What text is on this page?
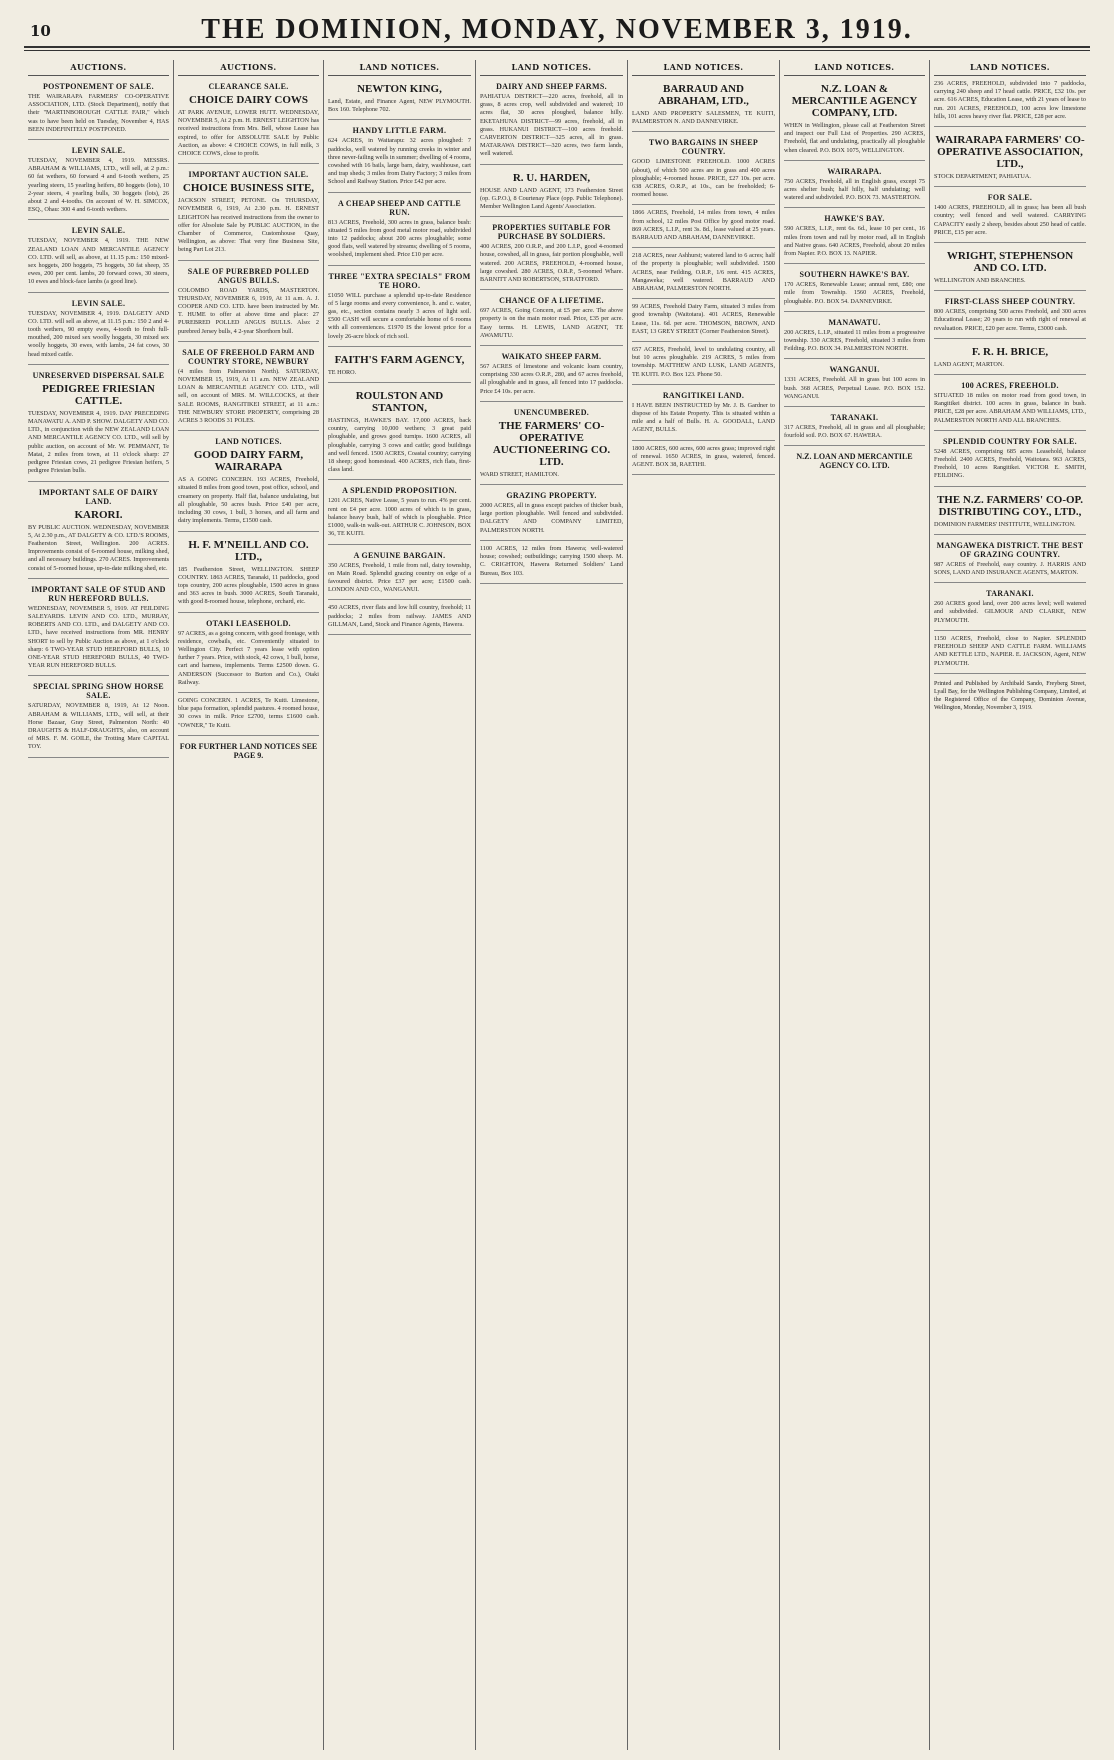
10	THE DOMINION, MONDAY, NOVEMBER 3, 1919.
AUCTIONS.
POSTPONEMENT OF SALE.

THE WAIRARAPA FARMERS' CO-OPERATIVE ASSOCIATION, LTD. (Stock Department), notify that their "MARTINBOROUGH CATTLE FAIR," which was to have been held on Tuesday, November 4, HAS BEEN INDEFINITELY POSTPONED.

LEVIN SALE.

TUESDAY, NOVEMBER 4, 1919. MESSRS. ABRAHAM & WILLIAMS, LTD., will sell, at 2 p.m.: 60 fat wethers, 60 forward 4 and 6-tooth wethers, 25 yearling steers, 15 yearling heifers, 80 hoggets (lots), 10 2-year steers, 4 yearling bulls, 30 hoggets (lots), 26 about 2 and 4-tooths. On account of W. H. SIMCOX, ESQ., Ohau: 300 4 and 6-tooth wethers.

LEVIN SALE.

TUESDAY, NOVEMBER 4, 1919. THE NEW ZEALAND LOAN AND MERCANTILE AGENCY CO. LTD. will sell, as above, at 11.15 p.m.: 150 mixed-sex hoggets, 200 hoggets, 75 hoggets, 30 fat sheep, 35 ewes, 200 per cent. lambs, 20 forward cows, 30 steers, 10 ewes and block-face lambs (a good line).

LEVIN SALE.

TUESDAY, NOVEMBER 4, 1919. DALGETY AND CO. LTD. will sell as above, at 11.15 p.m.: 150 2 and 4-tooth wethers, 90 empty ewes, 4-tooth to fresh full-mouthed, 200 mixed sex woolly hoggets, 30 mixed sex woolly hoggets, 30 ewes, with lambs, 24 fat cows, 30 head mixed cattle.

UNRESERVED DISPERSAL SALE
PEDIGREE FRIESIAN CATTLE.

TUESDAY, NOVEMBER 4, 1919. DAY PRECEDING MANAWATU A. AND P. SHOW. DALGETY AND CO. LTD., in conjunction with the NEW ZEALAND LOAN AND MERCANTILE AGENCY CO. LTD., will sell by public auction, on account of Mr. W. PEMMANT, Te Matai, 2 miles from town, at 11 o'clock sharp: 27 pedigree Friesian cows, 21 pedigree Friesian heifers, 5 pedigree Friesian bulls.

IMPORTANT SALE OF DAIRY LAND.
KARORI.

BY PUBLIC AUCTION. WEDNESDAY, NOVEMBER 5, At 2.30 p.m., AT DALGETY & CO. LTD.'S ROOMS, Featherston Street, Wellington. 200 ACRES. Improvements consist of 6-roomed house, milking shed, and all necessary buildings. 270 ACRES. Improvements consist of 5-roomed house, up-to-date milking shed, etc.

IMPORTANT SALE OF STUD AND RUN HEREFORD BULLS.

WEDNESDAY, NOVEMBER 5, 1919. AT FEILDING SALEYARDS. LEVIN AND CO. LTD., MURRAY, ROBERTS AND CO. LTD., and DALGETY AND CO. LTD., have received instructions from MR. HENRY SHORT to sell by Public Auction as above, at 1 o'clock sharp: 6 TWO-YEAR STUD HEREFORD BULLS, 10 ONE-YEAR STUD HEREFORD BULLS, 40 TWO-YEAR RUN HEREFORD BULLS.

SPECIAL SPRING SHOW HORSE SALE.

SATURDAY, NOVEMBER 8, 1919, At 12 Noon. ABRAHAM & WILLIAMS, LTD., will sell, at their Horse Bazaar, Gray Street, Palmerston North: 40 DRAUGHTS & HALF-DRAUGHTS, also, on account of MRS. F. M. GOILE, the Trotting Mare CAPITAL TOY.

AUCTIONS.
CLEARANCE SALE.
CHOICE DAIRY COWS

AT PARK AVENUE, LOWER HUTT. WEDNESDAY, NOVEMBER 5, At 2 p.m. H. ERNEST LEIGHTON has received instructions from Mrs. Bell, whose Lease has expired, to offer for ABSOLUTE SALE by Public Auction, as above: 4 CHOICE COWS, in full milk, 3 CHOICE COWS, close to profit.

IMPORTANT AUCTION SALE.
CHOICE BUSINESS SITE,

JACKSON STREET, PETONE. On THURSDAY, NOVEMBER 6, 1919, At 2.30 p.m. H. ERNEST LEIGHTON has received instructions from the owner to offer for Absolute Sale by PUBLIC AUCTION, in the Chamber of Commerce, Customhouse Quay, Wellington, as above: That very fine Business Site, being Part Lot 213.

SALE OF PUREBRED POLLED ANGUS BULLS.

COLOMBO ROAD YARDS, MASTERTON. THURSDAY, NOVEMBER 6, 1919, At 11 a.m. A. J. COOPER AND CO. LTD. have been instructed by Mr. T. HUME to offer at above time and place: 27 PUREBRED POLLED ANGUS BULLS. Also: 2 purebred Jersey bulls, 4 2-year Shorthorn bull.

SALE OF FREEHOLD FARM AND COUNTRY STORE, NEWBURY

(4 miles from Palmerston North). SATURDAY, NOVEMBER 15, 1919, At 11 a.m. NEW ZEALAND LOAN & MERCANTILE AGENCY CO. LTD., will sell, on account of MRS. M. WILLCOCKS, at their SALE ROOMS, RANGITIKEI STREET, at 11 a.m.: THE NEWBURY STORE PROPERTY, comprising 28 ACRES 3 ROODS 31 POLES.

LAND NOTICES.
GOOD DAIRY FARM, WAIRARAPA

AS A GOING CONCERN. 193 ACRES, Freehold, situated 8 miles from good town, post office, school, and creamery on property. Half flat, balance undulating, but all ploughable, 50 acres bush. Price £40 per acre, including 30 cows, 1 bull, 3 horses, and all farm and dairy implements. Terms, £1500 cash.

H. F. M'NEILL AND CO. LTD.,

185 Featherston Street, WELLINGTON. SHEEP COUNTRY. 1863 ACRES, Taranaki, 11 paddocks, good tops country, 200 acres ploughable, 1500 acres in grass and 363 acres in bush. 3000 ACRES, South Taranaki, with good 8-roomed house, telephone, orchard, etc.

OTAKI LEASEHOLD.

97 ACRES, as a going concern, with good frontage, with residence, cowbails, etc. Conveniently situated to Wellington City. Perfect 7 years lease with option further 7 years. Price, with stock, 42 cows, 1 bull, horse, cart and harness, implements. Terms £2500 down. G. ANDERSON (Successor to Burton and Co.), Otaki Railway.

GOING CONCERN. 1 ACRES, Te Kuiti. Limestone, blue papa formation, splendid pastures. 4 roomed house, 30 cows in milk. Price £2700, terms £1600 cash. "OWNER," Te Kuiti.

FOR FURTHER LAND NOTICES SEE PAGE 9.
LAND NOTICES.
NEWTON KING,

Land, Estate, and Finance Agent, NEW PLYMOUTH. Box 160. Telephone 702.

HANDY LITTLE FARM.

624 ACRES, in Waitarapu: 32 acres ploughed: 7 paddocks, well watered by running creeks in winter and three never-failing wells in summer; dwelling of 4 rooms, cowshed with 16 bails, large barn, dairy, washhouse, cart and trap sheds; 3 miles from Dairy Factory; 3 miles from School and Railway Station. Price £42 per acre.

A CHEAP SHEEP AND CATTLE RUN.

813 ACRES, Freehold, 300 acres in grass, balance bush: situated 5 miles from good metal motor road, subdivided into 12 paddocks; about 200 acres ploughable; some good flats, well watered by streams; dwelling of 5 rooms, woolshed, implement shed. Price £10 per acre.

THREE "EXTRA SPECIALS" FROM TE HORO.

£1050 WILL purchase a splendid up-to-date Residence of 5 large rooms and every convenience, h. and c. water, gas, etc., section contains nearly 3 acres of light soil. £500 CASH will secure a comfortable home of 6 rooms with all conveniences. £1970 IS the lowest price for a lovely 26-acre block of rich soil.

FAITH'S FARM AGENCY,

TE HORO.

ROULSTON AND STANTON,

HASTINGS, HAWKE'S BAY. 17,000 ACRES, back country, carrying 10,000 wethers; 3 great paid ploughable, and grows good turnips. 1600 ACRES, all ploughable, carrying 3 cows and cattle; good buildings and well fenced. 1500 ACRES, Coastal country; carrying 18 sheep; good homestead. 400 ACRES, rich flats, first-class land.

A SPLENDID PROPOSITION.

1201 ACRES, Native Lease, 5 years to run. 4% per cent. rent on £4 per acre. 1000 acres of which is in grass, balance heavy bush, half of which is ploughable. Price £1000, walk-in walk-out. ARTHUR C. JOHNSON, BOX 36, TE KUITI.

A GENUINE BARGAIN.

350 ACRES, Freehold, 1 mile from rail, dairy township, on Main Road. Splendid grazing country on edge of a favoured district. Price £37 per acre; £1500 cash. LONDON AND CO., WANGANUI.

450 ACRES, river flats and low hill country, freehold; 11 paddocks; 2 miles from railway. JAMES AND GILLMAN, Land, Stock and Finance Agents, Hawera.

LAND NOTICES.
DAIRY AND SHEEP FARMS.

PAHIATUA DISTRICT—220 acres, freehold, all in grass, 8 acres crop, well subdivided and watered; 10 acres flat, 30 acres ploughed, balance hilly. EKETAHUNA DISTRICT—99 acres, freehold, all in grass. HUKANUI DISTRICT—100 acres freehold. CARVERTON DISTRICT—325 acres, all in grass. MATARAWA DISTRICT—320 acres, two farm lands, well watered.

R. U. HARDEN,

HOUSE AND LAND AGENT, 173 Featherston Street (op. G.P.O.), 8 Courtenay Place (opp. Public Telephone). Member Wellington Land Agents' Association.

PROPERTIES SUITABLE FOR PURCHASE BY SOLDIERS.

400 ACRES, 200 O.R.P., and 200 L.I.P., good 4-roomed house, cowshed, all in grass, fair portion ploughable, well watered. 200 ACRES, FREEHOLD, 4-roomed house, large cowshed. 280 ACRES, O.R.P., 5-roomed Whare. BARNITT AND ROBERTSON, STRATFORD.

CHANCE OF A LIFETIME.

697 ACRES, Going Concern, at £5 per acre. The above property is on the main motor road. Price, £35 per acre. Easy terms. H. LEWIS, LAND AGENT, TE AWAMUTU.

WAIKATO SHEEP FARM.

567 ACRES of limestone and volcanic loam country, comprising 330 acres O.R.P., 280, and 67 acres freehold, all ploughable and in grass, all fenced into 17 paddocks. Price £4 10s. per acre.

UNENCUMBERED.
THE FARMERS' CO-OPERATIVE AUCTIONEERING CO. LTD.

WARD STREET, HAMILTON.

GRAZING PROPERTY.

2000 ACRES, all in grass except patches of thicker bush, large portion ploughable. Well fenced and subdivided. DALGETY AND COMPANY LIMITED, PALMERSTON NORTH.

1100 ACRES, 12 miles from Hawera; well-watered house; cowshed; outbuildings; carrying 1500 sheep. M. C. CRIGHTON, Hawera Returned Soldiers' Land Bureau, Box 103.

LAND NOTICES.
BARRAUD AND ABRAHAM, LTD.,

LAND AND PROPERTY SALESMEN, TE KUITI, PALMERSTON N. AND DANNEVIRKE.

TWO BARGAINS IN SHEEP COUNTRY.

GOOD LIMESTONE FREEHOLD. 1000 ACRES (about), of which 500 acres are in grass and 400 acres ploughable; 4-roomed house. PRICE, £27 10s. per acre. 638 ACRES, O.R.P., at 10s., can be freeholded; 6-roomed house.

1866 ACRES, Freehold, 14 miles from town, 4 miles from school, 12 miles Post Office by good motor road. 869 ACRES, L.I.P., rent 3s. 8d., lease valued at 25 years. BARRAUD AND ABRAHAM, DANNEVIRKE.

218 ACRES, near Ashhurst; watered land to 6 acres; half of the property is ploughable; well subdivided. 1500 ACRES, near Feilding, O.R.P., 1/6 rent. 415 ACRES, Mangaweka; well watered. BARRAUD AND ABRAHAM, PALMERSTON NORTH.

99 ACRES, Freehold Dairy Farm, situated 3 miles from good township (Waitotara). 401 ACRES, Renewable Lease, 11s. 6d. per acre. THOMSON, BROWN, AND EAST, 13 GREY STREET (Corner Featherston Street).

657 ACRES, Freehold, level to undulating country, all but 10 acres ploughable. 219 ACRES, 5 miles from township. MATTHEW AND LUSK, LAND AGENTS, TE KUITI. P.O. Box 123. Phone 50.

RANGITIKEI LAND.

I HAVE BEEN INSTRUCTED by Mr. J. B. Gardner to dispose of his Estate Property. This is situated within a mile and a half of Bulls. H. A. GOODALL, LAND AGENT, BULLS.

1800 ACRES, 600 acres, 600 acres grass; improved right of renewal. 1650 ACRES, in grass, watered, fenced. AGENT. BOX 38, RAETIHI.

LAND NOTICES.
N.Z. LOAN & MERCANTILE AGENCY COMPANY, LTD.

WHEN in Wellington, please call at Featherston Street and inspect our Full List of Properties. 290 ACRES, Freehold, flat and undulating, practically all ploughable when cleared. P.O. BOX 1075, WELLINGTON.

WAIRARAPA.

750 ACRES, Freehold, all in English grass, except 75 acres shelter bush; half hilly, half undulating; well watered and subdivided. P.O. BOX 73. MASTERTON.

HAWKE'S BAY.

590 ACRES, L.I.P., rent 6s. 6d., lease 10 per cent., 16 miles from town and rail by motor road, all in English and Native grass. 640 ACRES, Freehold, about 20 miles from Napier. P.O. BOX 13. NAPIER.

SOUTHERN HAWKE'S BAY.

170 ACRES, Renewable Lease; annual rent, £80; one mile from Township. 1560 ACRES, Freehold, ploughable. P.O. BOX 54. DANNEVIRKE.

MANAWATU.

200 ACRES, L.I.P., situated 11 miles from a progressive township. 330 ACRES, Freehold, situated 3 miles from Feilding. P.O. BOX 34. PALMERSTON NORTH.

WANGANUI.

1331 ACRES, Freehold. All in grass but 100 acres in bush. 368 ACRES, Perpetual Lease. P.O. BOX 152. WANGANUI.

TARANAKI.

317 ACRES, Freehold, all in grass and all ploughable; fourfold soil. P.O. BOX 67. HAWERA.

N.Z. LOAN AND MERCANTILE AGENCY CO. LTD.
LAND NOTICES.

236 ACRES, FREEHOLD, subdivided into 7 paddocks, carrying 240 sheep and 17 head cattle. PRICE, £32 10s. per acre. 616 ACRES, Education Lease, with 21 years of lease to run. 201 ACRES, FREEHOLD, 100 acres low limestone hills, 101 acres heavy river flat. PRICE, £28 per acre.

WAIRARAPA FARMERS' CO-OPERATIVE ASSOCIATION, LTD.,

STOCK DEPARTMENT, PAHIATUA.

FOR SALE.

1400 ACRES, FREEHOLD, all in grass; has been all bush country; well fenced and well watered. CARRYING CAPACITY easily 2 sheep, besides about 250 head of cattle. PRICE, £15 per acre.

WRIGHT, STEPHENSON AND CO. LTD.

WELLINGTON AND BRANCHES.

FIRST-CLASS SHEEP COUNTRY.

800 ACRES, comprising 500 acres Freehold, and 300 acres Educational Lease; 20 years to run with right of renewal at revaluation. PRICE, £20 per acre. Terms, £3000 cash.

F. R. H. BRICE,

LAND AGENT, MARTON.

100 ACRES, FREEHOLD.

SITUATED 18 miles on motor road from good town, in Rangitikei district. 100 acres in grass, balance in bush. PRICE, £28 per acre. ABRAHAM AND WILLIAMS, LTD., PALMERSTON NORTH AND ALL BRANCHES.

SPLENDID COUNTRY FOR SALE.

5248 ACRES, comprising 685 acres Leasehold, balance Freehold. 2400 ACRES, Freehold, Waitotara. 963 ACRES, Freehold, 10 acres Rangitikei. VICTOR E. SMITH, FEILDING.

THE N.Z. FARMERS' CO-OP. DISTRIBUTING COY., LTD.,

DOMINION FARMERS' INSTITUTE, WELLINGTON.

MANGAWEKA DISTRICT. THE BEST OF GRAZING COUNTRY.

987 ACRES of Freehold, easy country. J. HARRIS AND SONS, LAND AND INSURANCE AGENTS, MARTON.

TARANAKI.

260 ACRES good land, over 200 acres level; well watered and subdivided. GILMOUR AND CLARKE, NEW PLYMOUTH.

1150 ACRES, Freehold, close to Napier. SPLENDID FREEHOLD SHEEP AND CATTLE FARM. WILLIAMS AND KETTLE LTD., NAPIER. E. JACKSON, Agent, NEW PLYMOUTH.

Printed and Published by Archibald Sando, Freyberg Street, Lyall Bay, for the Wellington Publishing Company, Limited, at the Registered Office of the Company, Dominion Avenue, Wellington, Monday, November 3, 1919.
